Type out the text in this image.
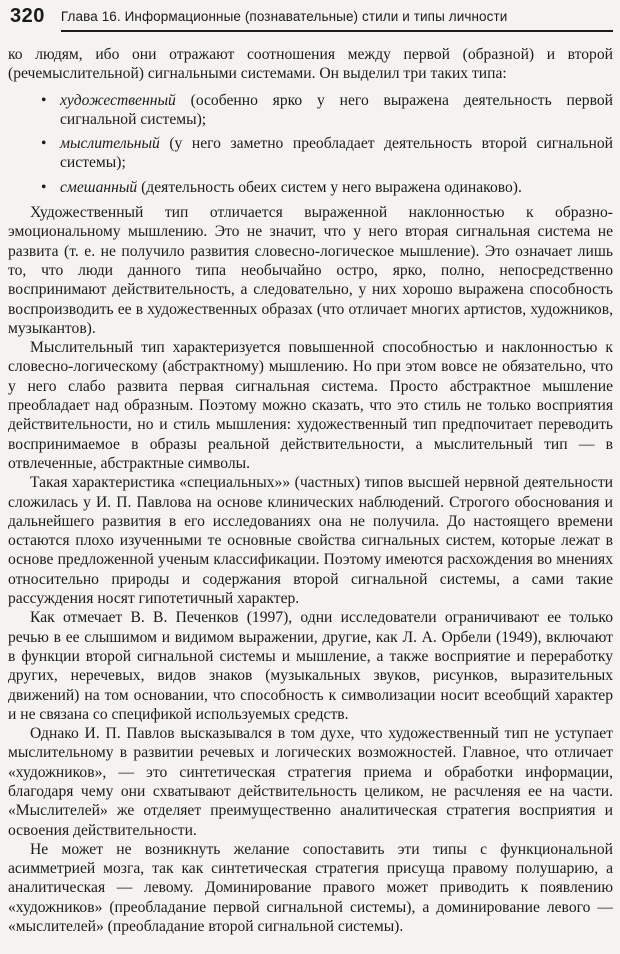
320 Глава 16. Информационные (познавательные) стили и типы личности

ко людям, ибо они отражают соотношения между первой (образной) и второй (речемыслительной) сигнальными системами. Он выделил три таких типа:

• художественный (особенно ярко у него выражена деятельность первой сигнальной системы);
• мыслительный (у него заметно преобладает деятельность второй сигнальной системы);
• смешанный (деятельность обеих систем у него выражена одинаково).

Художественный тип отличается выраженной наклонностью к образно-эмоциональному мышлению. Это не значит, что у него вторая сигнальная система не развита (т. е. не получило развития словесно-логическое мышление). Это означает лишь то, что люди данного типа необычайно остро, ярко, полно, непосредственно воспринимают действительность, а следовательно, у них хорошо выражена способность воспроизводить ее в художественных образах (что отличает многих артистов, художников, музыкантов).

Мыслительный тип характеризуется повышенной способностью и наклонностью к словесно-логическому (абстрактному) мышлению. Но при этом вовсе не обязательно, что у него слабо развита первая сигнальная система. Просто абстрактное мышление преобладает над образным. Поэтому можно сказать, что это стиль не только восприятия действительности, но и стиль мышления: художественный тип предпочитает переводить воспринимаемое в образы реальной действительности, а мыслительный тип — в отвлеченные, абстрактные символы.

Такая характеристика «специальных»» (частных) типов высшей нервной деятельности сложилась у И. П. Павлова на основе клинических наблюдений. Строгого обоснования и дальнейшего развития в его исследованиях она не получила. До настоящего времени остаются плохо изученными те основные свойства сигнальных систем, которые лежат в основе предложенной ученым классификации. Поэтому имеются расхождения во мнениях относительно природы и содержания второй сигнальной системы, а сами такие рассуждения носят гипотетичный характер.

Как отмечает В. В. Печенков (1997), одни исследователи ограничивают ее только речью в ее слышимом и видимом выражении, другие, как Л. А. Орбели (1949), включают в функции второй сигнальной системы и мышление, а также восприятие и переработку других, неречевых, видов знаков (музыкальных звуков, рисунков, выразительных движений) на том основании, что способность к символизации носит всеобщий характер и не связана со спецификой используемых средств.

Однако И. П. Павлов высказывался в том духе, что художественный тип не уступает мыслительному в развитии речевых и логических возможностей. Главное, что отличает «художников», — это синтетическая стратегия приема и обработки информации, благодаря чему они схватывают действительность целиком, не расчленяя ее на части. «Мыслителей» же отделяет преимущественно аналитическая стратегия восприятия и освоения действительности.

Не может не возникнуть желание сопоставить эти типы с функциональной асимметрией мозга, так как синтетическая стратегия присуща правому полушарию, а аналитическая — левому. Доминирование правого может приводить к появлению «художников» (преобладание первой сигнальной системы), а доминирование левого — «мыслителей» (преобладание второй сигнальной системы).
